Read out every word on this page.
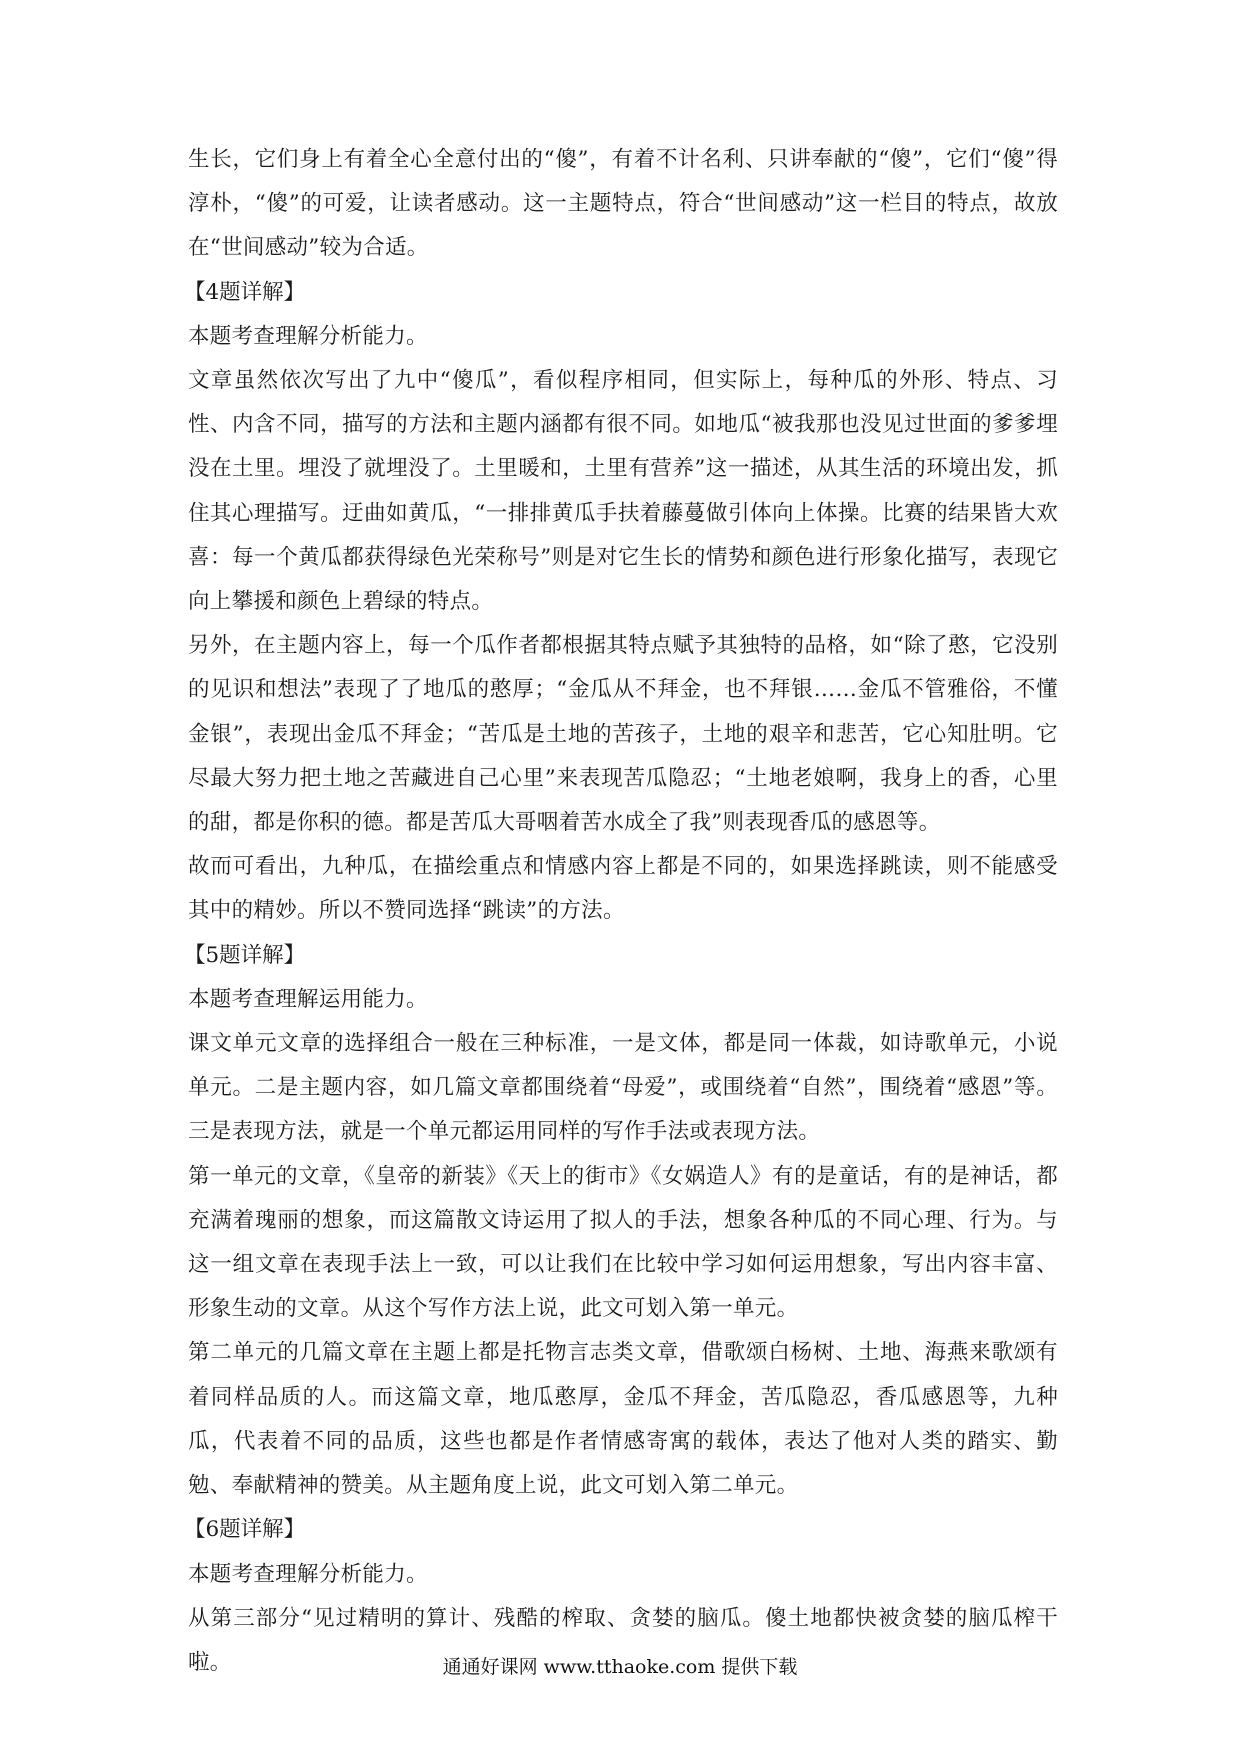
生长，它们身上有着全心全意付出的“傻”，有着不计名利、只讲奉献的“傻”，它们“傻”得淳朴，“傻”的可爱，让读者感动。这一主题特点，符合“世间感动”这一栏目的特点，故放在“世间感动”较为合适。

【4题详解】

本题考查理解分析能力。

文章虽然依次写出了九中“傻瓜”，看似程序相同，但实际上，每种瓜的外形、特点、习性、内含不同，描写的方法和主题内涵都有很不同。如地瓜“被我那也没见过世面的爹爹埋没在土里。埋没了就埋没了。土里暖和，土里有营养”这一描述，从其生活的环境出发，抓住其心理描写。迂曲如黄瓜，“一排排黄瓜手扶着藤蔓做引体向上体操。比赛的结果皆大欢喜：每一个黄瓜都获得绿色光荣称号”则是对它生长的情势和颜色进行形象化描写，表现它向上攀援和颜色上碧绿的特点。

另外，在主题内容上，每一个瓜作者都根据其特点赋予其独特的品格，如“除了憨，它没别的见识和想法”表现了了地瓜的憨厚；“金瓜从不拜金，也不拜银……金瓜不管雅俗，不懂金银”，表现出金瓜不拜金；“苦瓜是土地的苦孩子，土地的艰辛和悲苦，它心知肚明。它尽最大努力把土地之苦藏进自己心里”来表现苦瓜隐忍；“土地老娘啊，我身上的香，心里的甜，都是你积的德。都是苦瓜大哥咽着苦水成全了我”则表现香瓜的感恩等。

故而可看出，九种瓜，在描绘重点和情感内容上都是不同的，如果选择跳读，则不能感受其中的精妙。所以不赞同选择“跳读”的方法。

【5题详解】

本题考查理解运用能力。

课文单元文章的选择组合一般在三种标准，一是文体，都是同一体裁，如诗歌单元，小说单元。二是主题内容，如几篇文章都围绕着“母爱”，或围绕着“自然”，围绕着“感恩”等。三是表现方法，就是一个单元都运用同样的写作手法或表现方法。

第一单元的文章，《皇帝的新装》《天上的街市》《女娲造人》有的是童话，有的是神话，都充满着瑰丽的想象，而这篇散文诗运用了拟人的手法，想象各种瓜的不同心理、行为。与这一组文章在表现手法上一致，可以让我们在比较中学习如何运用想象，写出内容丰富、形象生动的文章。从这个写作方法上说，此文可划入第一单元。

第二单元的几篇文章在主题上都是托物言志类文章，借歌颂白杨树、土地、海燕来歌颂有着同样品质的人。而这篇文章，地瓜憨厚，金瓜不拜金，苦瓜隐忍，香瓜感恩等，九种瓜，代表着不同的品质，这些也都是作者情感寄寓的载体，表达了他对人类的踏实、勤勉、奉献精神的赞美。从主题角度上说，此文可划入第二单元。

【6题详解】

本题考查理解分析能力。

从第三部分“见过精明的算计、残酷的榨取、贪婪的脑瓜。傻土地都快被贪婪的脑瓜榨干啦。	通通好课网 www.tthaoke.com 提供下载
